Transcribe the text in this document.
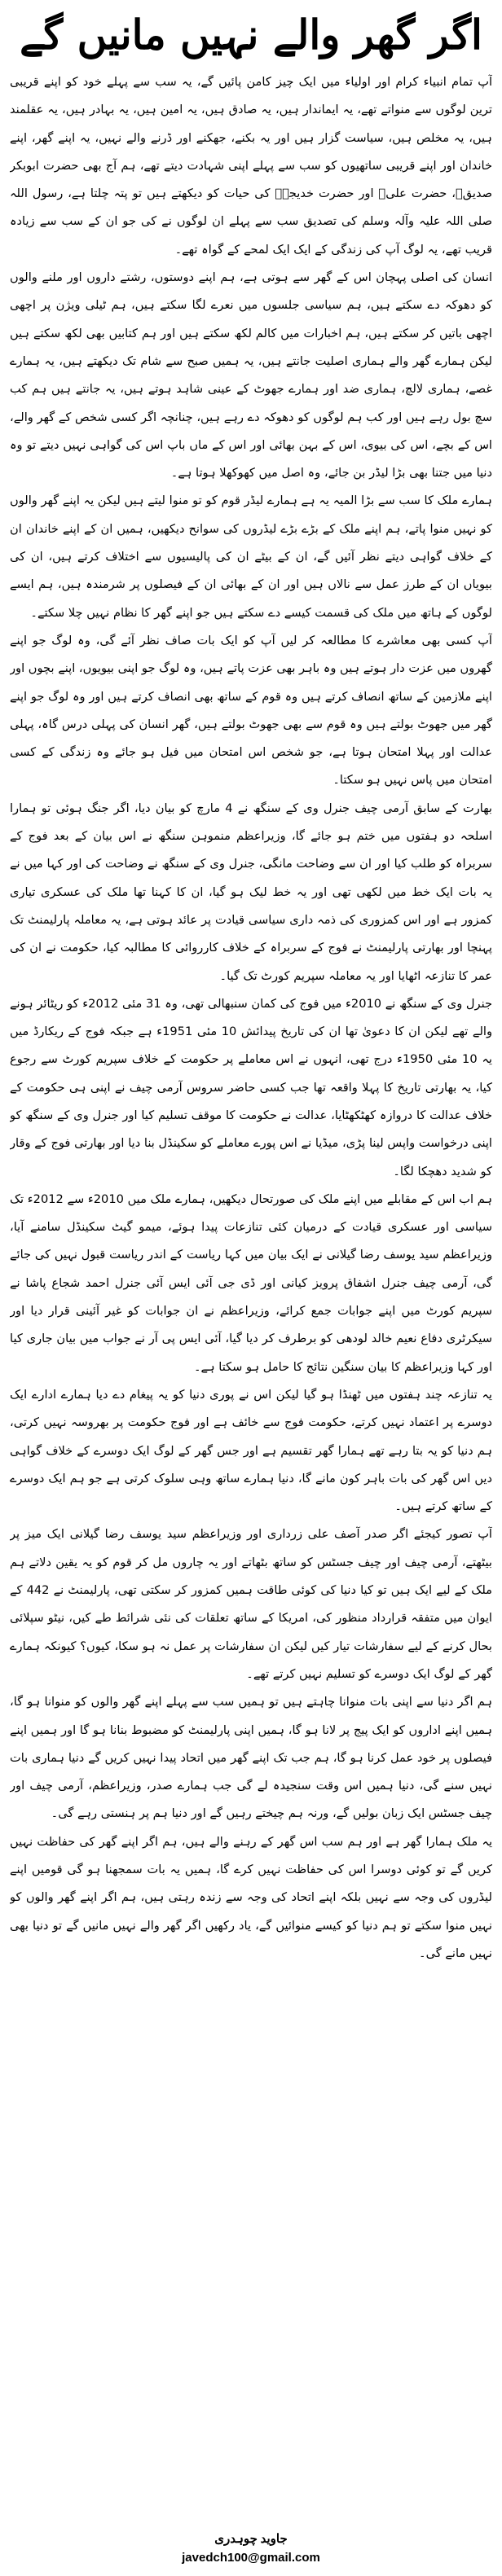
اگر گھر والے نہیں مانیں گے

آپ تمام انبیاء کرام اور اولیاء میں ایک چیز کامن پائیں گے، یہ سب سے پہلے خود کو اپنے قریبی ترین لوگوں سے منواتے تھے، یہ ایماندار ہیں، یہ صادق ہیں، یہ امین ہیں، یہ بہادر ہیں، یہ عقلمند ہیں، یہ مخلص ہیں، سیاست گزار ہیں اور یہ بکنے، جھکنے اور ڈرنے والے نہیں، یہ اپنے گھر، اپنے خاندان اور اپنے قریبی ساتھیوں کو سب سے پہلے اپنی شہادت دیتے تھے، ہم آج بھی حضرت ابوبکر صدیقؓ، حضرت علیؓ اور حضرت خدیجہؓ کی حیات کو دیکھتے ہیں تو پتہ چلتا ہے، رسول اللہ صلی اللہ علیہ وآلہ وسلم کی تصدیق سب سے پہلے ان لوگوں نے کی جو ان کے سب سے زیادہ قریب تھے، یہ لوگ آپ کی زندگی کے ایک ایک لمحے کے گواہ تھے۔

انسان کی اصلی پہچان اس کے گھر سے ہوتی ہے، ہم اپنے دوستوں، رشتے داروں اور ملنے والوں کو دھوکہ دے سکتے ہیں، ہم سیاسی جلسوں میں نعرے لگا سکتے ہیں، ہم ٹیلی ویژن پر اچھی اچھی باتیں کر سکتے ہیں، ہم اخبارات میں کالم لکھ سکتے ہیں اور ہم کتابیں بھی لکھ سکتے ہیں لیکن ہمارے گھر والے ہماری اصلیت جانتے ہیں، یہ ہمیں صبح سے شام تک دیکھتے ہیں، یہ ہمارے غصے، ہماری لالچ، ہماری ضد اور ہمارے جھوٹ کے عینی شاہد ہوتے ہیں، یہ جانتے ہیں ہم کب سچ بول رہے ہیں اور کب ہم لوگوں کو دھوکہ دے رہے ہیں، چنانچہ اگر کسی شخص کے گھر والے، اس کے بچے، اس کی بیوی، اس کے بہن بھائی اور اس کے ماں باپ اس کی گواہی نہیں دیتے تو وہ دنیا میں جتنا بھی بڑا لیڈر بن جائے، وہ اصل میں کھوکھلا ہوتا ہے۔

ہمارے ملک کا سب سے بڑا المیہ یہ ہے ہمارے لیڈر قوم کو تو منوا لیتے ہیں لیکن یہ اپنے گھر والوں کو نہیں منوا پاتے، ہم اپنے ملک کے بڑے بڑے لیڈروں کی سوانح دیکھیں، ہمیں ان کے اپنے خاندان ان کے خلاف گواہی دیتے نظر آئیں گے، ان کے بیٹے ان کی پالیسیوں سے اختلاف کرتے ہیں، ان کی بیویاں ان کے طرز عمل سے نالاں ہیں اور ان کے بھائی ان کے فیصلوں پر شرمندہ ہیں، ہم ایسے لوگوں کے ہاتھ میں ملک کی قسمت کیسے دے سکتے ہیں جو اپنے گھر کا نظام نہیں چلا سکتے۔

آپ کسی بھی معاشرے کا مطالعہ کر لیں آپ کو ایک بات صاف نظر آئے گی، وہ لوگ جو اپنے گھروں میں عزت دار ہوتے ہیں وہ باہر بھی عزت پاتے ہیں، وہ لوگ جو اپنی بیویوں، اپنے بچوں اور اپنے ملازمین کے ساتھ انصاف کرتے ہیں وہ قوم کے ساتھ بھی انصاف کرتے ہیں اور وہ لوگ جو اپنے گھر میں جھوٹ بولتے ہیں وہ قوم سے بھی جھوٹ بولتے ہیں، گھر انسان کی پہلی درس گاہ، پہلی عدالت اور پہلا امتحان ہوتا ہے، جو شخص اس امتحان میں فیل ہو جائے وہ زندگی کے کسی امتحان میں پاس نہیں ہو سکتا۔

بھارت کے سابق آرمی چیف جنرل وی کے سنگھ نے 4 مارچ کو بیان دیا، اگر جنگ ہوئی تو ہمارا اسلحہ دو ہفتوں میں ختم ہو جائے گا، وزیراعظم منموہن سنگھ نے اس بیان کے بعد فوج کے سربراہ کو طلب کیا اور ان سے وضاحت مانگی، جنرل وی کے سنگھ نے وضاحت کی اور کہا میں نے یہ بات ایک خط میں لکھی تھی اور یہ خط لیک ہو گیا، ان کا کہنا تھا ملک کی عسکری تیاری کمزور ہے اور اس کمزوری کی ذمہ داری سیاسی قیادت پر عائد ہوتی ہے، یہ معاملہ پارلیمنٹ تک پہنچا اور بھارتی پارلیمنٹ نے فوج کے سربراہ کے خلاف کارروائی کا مطالبہ کیا، حکومت نے ان کی عمر کا تنازعہ اٹھایا اور یہ معاملہ سپریم کورٹ تک گیا۔

جنرل وی کے سنگھ نے 2010ء میں فوج کی کمان سنبھالی تھی، وہ 31 مئی 2012ء کو ریٹائر ہونے والے تھے لیکن ان کا دعویٰ تھا ان کی تاریخ پیدائش 10 مئی 1951ء ہے جبکہ فوج کے ریکارڈ میں یہ 10 مئی 1950ء درج تھی، انہوں نے اس معاملے پر حکومت کے خلاف سپریم کورٹ سے رجوع کیا، یہ بھارتی تاریخ کا پہلا واقعہ تھا جب کسی حاضر سروس آرمی چیف نے اپنی ہی حکومت کے خلاف عدالت کا دروازہ کھٹکھٹایا، عدالت نے حکومت کا موقف تسلیم کیا اور جنرل وی کے سنگھ کو اپنی درخواست واپس لینا پڑی، میڈیا نے اس پورے معاملے کو سکینڈل بنا دیا اور بھارتی فوج کے وقار کو شدید دھچکا لگا۔

ہم اب اس کے مقابلے میں اپنے ملک کی صورتحال دیکھیں، ہمارے ملک میں 2010ء سے 2012ء تک سیاسی اور عسکری قیادت کے درمیان کئی تنازعات پیدا ہوئے، میمو گیٹ سکینڈل سامنے آیا، وزیراعظم سید یوسف رضا گیلانی نے ایک بیان میں کہا ریاست کے اندر ریاست قبول نہیں کی جائے گی، آرمی چیف جنرل اشفاق پرویز کیانی اور ڈی جی آئی ایس آئی جنرل احمد شجاع پاشا نے سپریم کورٹ میں اپنے جوابات جمع کرائے، وزیراعظم نے ان جوابات کو غیر آئینی قرار دیا اور سیکرٹری دفاع نعیم خالد لودھی کو برطرف کر دیا گیا، آئی ایس پی آر نے جواب میں بیان جاری کیا اور کہا وزیراعظم کا بیان سنگین نتائج کا حامل ہو سکتا ہے۔

یہ تنازعہ چند ہفتوں میں ٹھنڈا ہو گیا لیکن اس نے پوری دنیا کو یہ پیغام دے دیا ہمارے ادارے ایک دوسرے پر اعتماد نہیں کرتے، حکومت فوج سے خائف ہے اور فوج حکومت پر بھروسہ نہیں کرتی، ہم دنیا کو یہ بتا رہے تھے ہمارا گھر تقسیم ہے اور جس گھر کے لوگ ایک دوسرے کے خلاف گواہی دیں اس گھر کی بات باہر کون مانے گا، دنیا ہمارے ساتھ وہی سلوک کرتی ہے جو ہم ایک دوسرے کے ساتھ کرتے ہیں۔

آپ تصور کیجئے اگر صدر آصف علی زرداری اور وزیراعظم سید یوسف رضا گیلانی ایک میز پر بیٹھتے، آرمی چیف اور چیف جسٹس کو ساتھ بٹھاتے اور یہ چاروں مل کر قوم کو یہ یقین دلاتے ہم ملک کے لیے ایک ہیں تو کیا دنیا کی کوئی طاقت ہمیں کمزور کر سکتی تھی، پارلیمنٹ نے 442 کے ایوان میں متفقہ قرارداد منظور کی، امریکا کے ساتھ تعلقات کی نئی شرائط طے کیں، نیٹو سپلائی بحال کرنے کے لیے سفارشات تیار کیں لیکن ان سفارشات پر عمل نہ ہو سکا، کیوں؟ کیونکہ ہمارے گھر کے لوگ ایک دوسرے کو تسلیم نہیں کرتے تھے۔

ہم اگر دنیا سے اپنی بات منوانا چاہتے ہیں تو ہمیں سب سے پہلے اپنے گھر والوں کو منوانا ہو گا، ہمیں اپنے اداروں کو ایک پیج پر لانا ہو گا، ہمیں اپنی پارلیمنٹ کو مضبوط بنانا ہو گا اور ہمیں اپنے فیصلوں پر خود عمل کرنا ہو گا، ہم جب تک اپنے گھر میں اتحاد پیدا نہیں کریں گے دنیا ہماری بات نہیں سنے گی، دنیا ہمیں اس وقت سنجیدہ لے گی جب ہمارے صدر، وزیراعظم، آرمی چیف اور چیف جسٹس ایک زبان بولیں گے، ورنہ ہم چیختے رہیں گے اور دنیا ہم پر ہنستی رہے گی۔

یہ ملک ہمارا گھر ہے اور ہم سب اس گھر کے رہنے والے ہیں، ہم اگر اپنے گھر کی حفاظت نہیں کریں گے تو کوئی دوسرا اس کی حفاظت نہیں کرے گا، ہمیں یہ بات سمجھنا ہو گی قومیں اپنے لیڈروں کی وجہ سے نہیں بلکہ اپنے اتحاد کی وجہ سے زندہ رہتی ہیں، ہم اگر اپنے گھر والوں کو نہیں منوا سکتے تو ہم دنیا کو کیسے منوائیں گے، یاد رکھیں اگر گھر والے نہیں مانیں گے تو دنیا بھی نہیں مانے گی۔

جاوید چوہدری
javedch100@gmail.com
